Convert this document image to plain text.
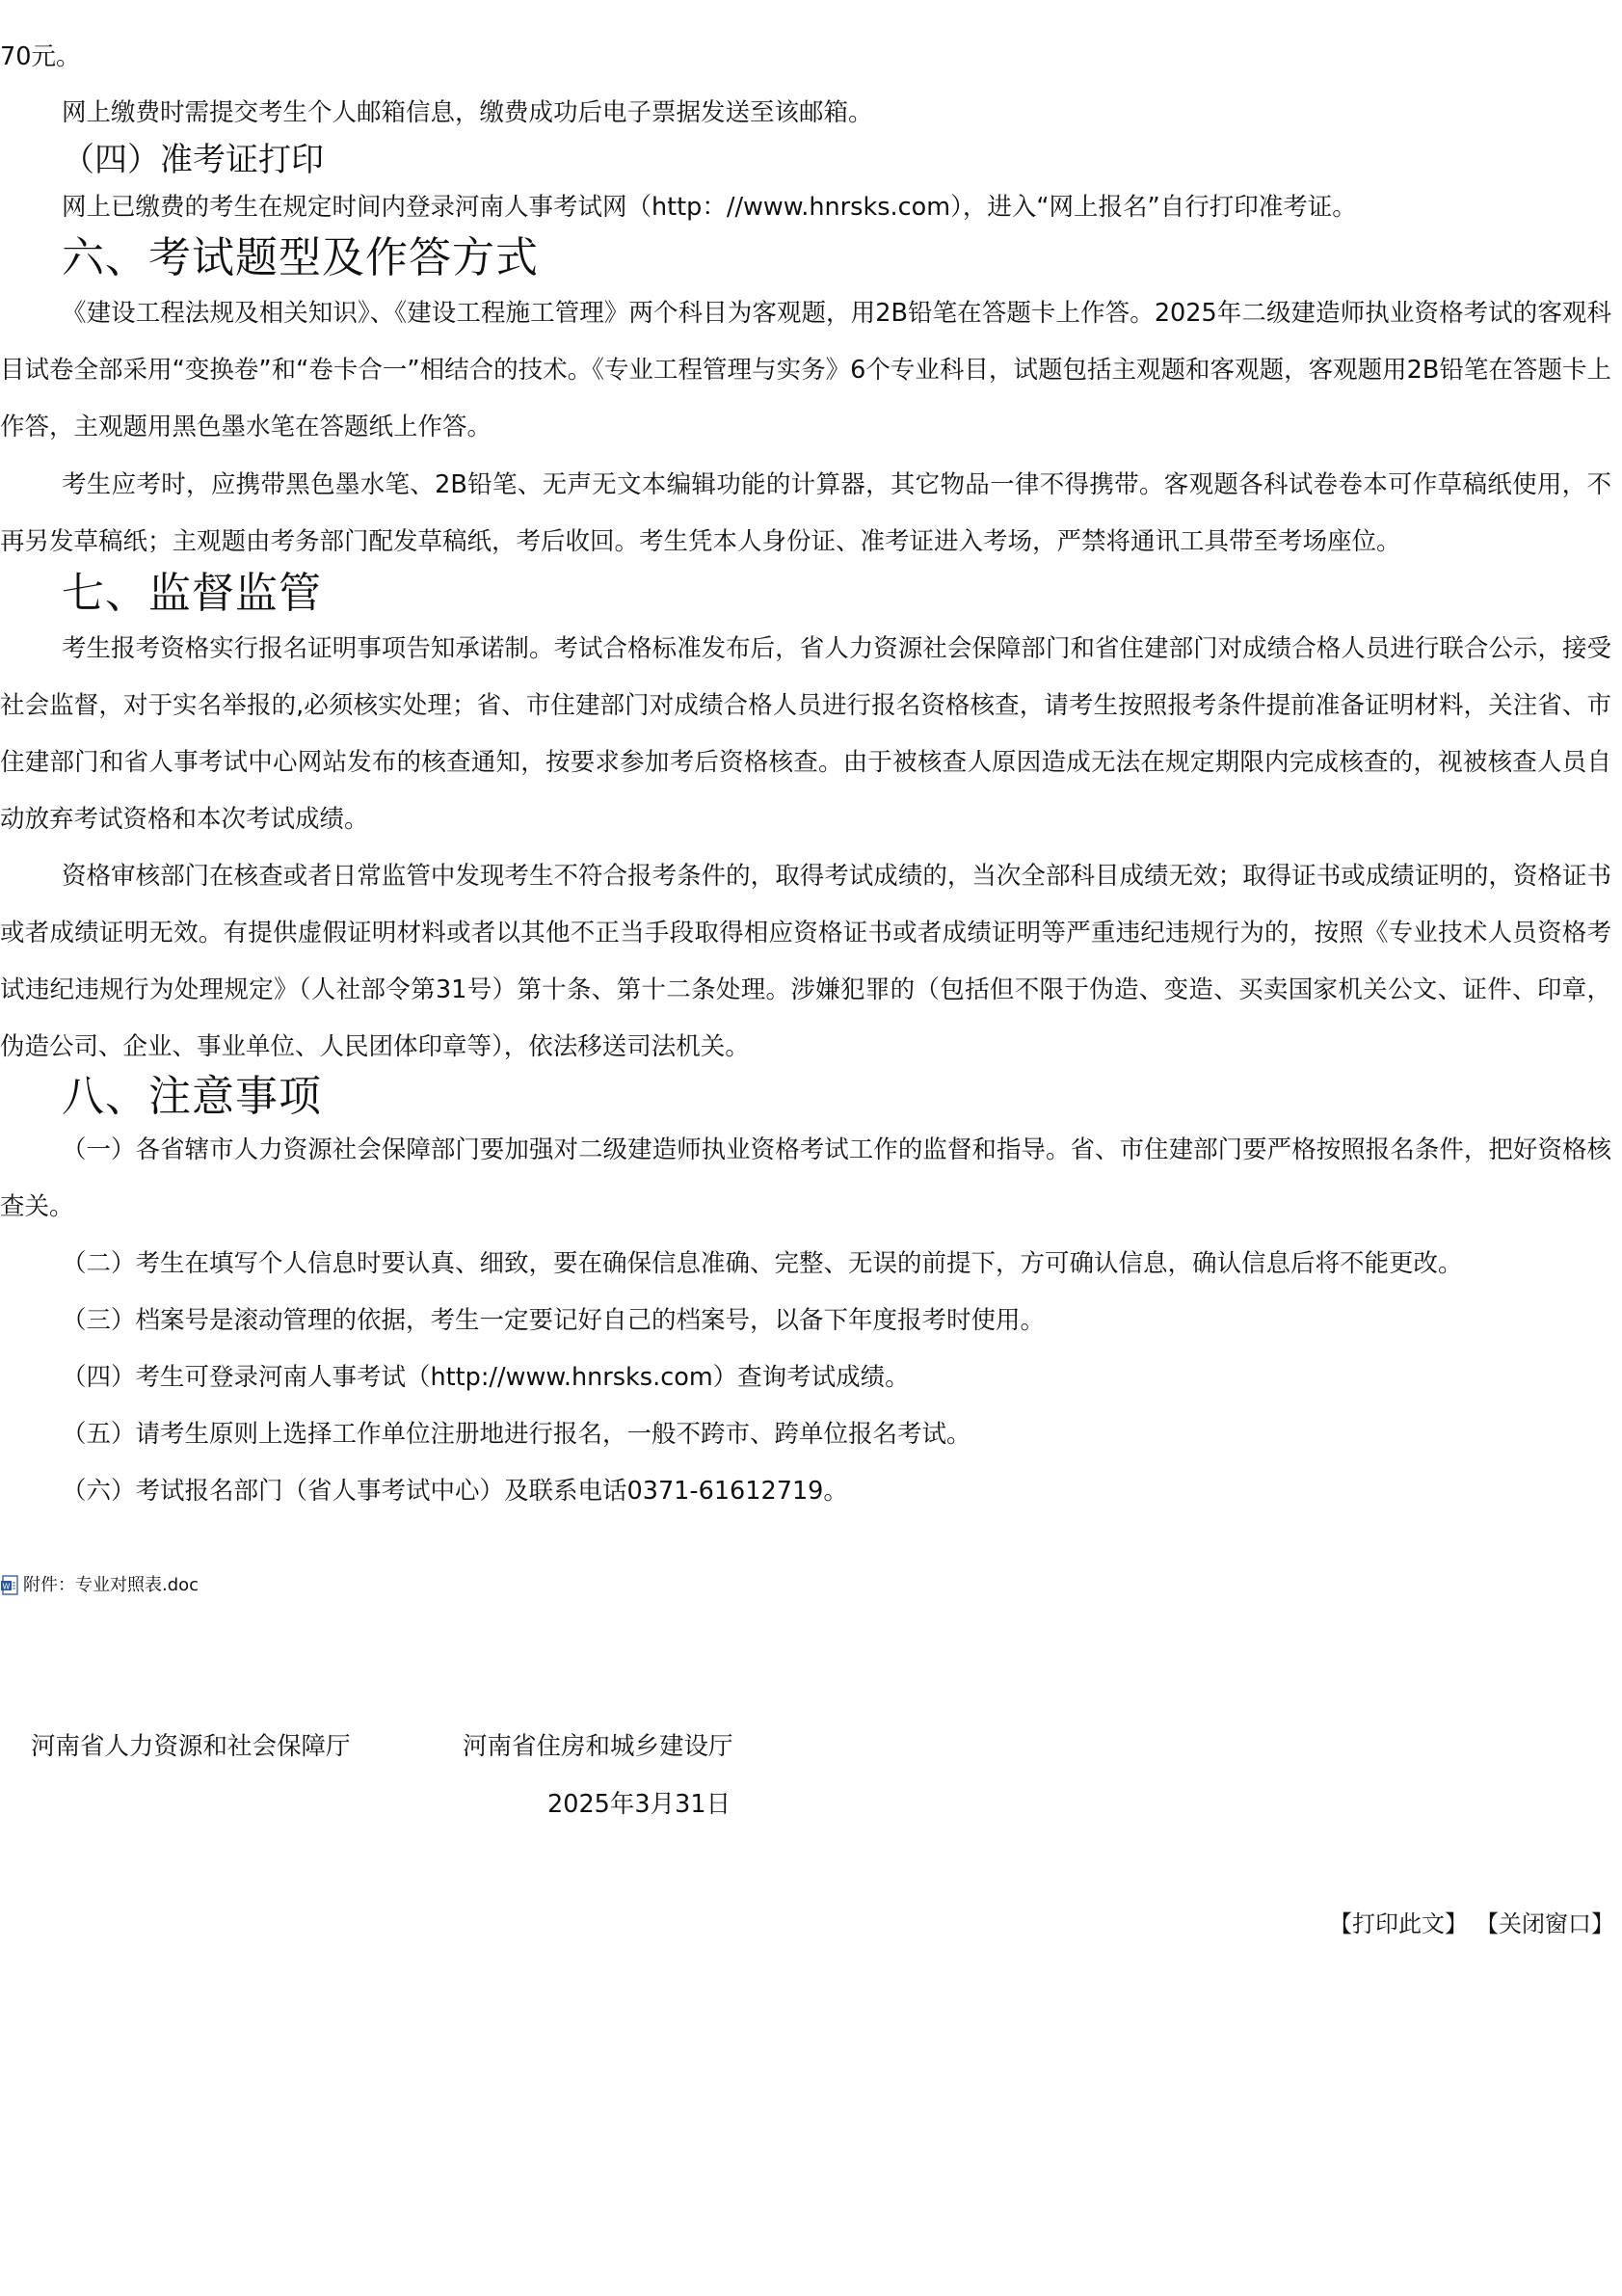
70元。

网上缴费时需提交考生个人邮箱信息，缴费成功后电子票据发送至该邮箱。

（四）准考证打印

网上已缴费的考生在规定时间内登录河南人事考试网（http：//www.hnrsks.com），进入“网上报名”自行打印准考证。

六、考试题型及作答方式

《建设工程法规及相关知识》、《建设工程施工管理》两个科目为客观题，用2B铅笔在答题卡上作答。2025年二级建造师执业资格考试的客观科目试卷全部采用“变换卷”和“卷卡合一”相结合的技术。《专业工程管理与实务》6个专业科目，试题包括主观题和客观题，客观题用2B铅笔在答题卡上作答，主观题用黑色墨水笔在答题纸上作答。

考生应考时，应携带黑色墨水笔、2B铅笔、无声无文本编辑功能的计算器，其它物品一律不得携带。客观题各科试卷卷本可作草稿纸使用，不再另发草稿纸；主观题由考务部门配发草稿纸，考后收回。考生凭本人身份证、准考证进入考场，严禁将通讯工具带至考场座位。

七、监督监管

考生报考资格实行报名证明事项告知承诺制。考试合格标准发布后，省人力资源社会保障部门和省住建部门对成绩合格人员进行联合公示，接受社会监督，对于实名举报的,必须核实处理；省、市住建部门对成绩合格人员进行报名资格核查，请考生按照报考条件提前准备证明材料，关注省、市住建部门和省人事考试中心网站发布的核查通知，按要求参加考后资格核查。由于被核查人原因造成无法在规定期限内完成核查的，视被核查人员自动放弃考试资格和本次考试成绩。

资格审核部门在核查或者日常监管中发现考生不符合报考条件的，取得考试成绩的，当次全部科目成绩无效；取得证书或成绩证明的，资格证书或者成绩证明无效。有提供虚假证明材料或者以其他不正当手段取得相应资格证书或者成绩证明等严重违纪违规行为的，按照《专业技术人员资格考试违纪违规行为处理规定》（人社部令第31号）第十条、第十二条处理。涉嫌犯罪的（包括但不限于伪造、变造、买卖国家机关公文、证件、印章，伪造公司、企业、事业单位、人民团体印章等），依法移送司法机关。

八、注意事项

（一）各省辖市人力资源社会保障部门要加强对二级建造师执业资格考试工作的监督和指导。省、市住建部门要严格按照报名条件，把好资格核查关。

（二）考生在填写个人信息时要认真、细致，要在确保信息准确、完整、无误的前提下，方可确认信息，确认信息后将不能更改。

（三）档案号是滚动管理的依据，考生一定要记好自己的档案号，以备下年度报考时使用。

（四）考生可登录河南人事考试（http://www.hnrsks.com）查询考试成绩。

（五）请考生原则上选择工作单位注册地进行报名，一般不跨市、跨单位报名考试。

（六）考试报名部门（省人事考试中心）及联系电话0371-61612719。

W 附件：专业对照表.doc
河南省人力资源和社会保障厅	河南省住房和城乡建设厅
2025年3月31日
【打印此文】 【关闭窗口】
